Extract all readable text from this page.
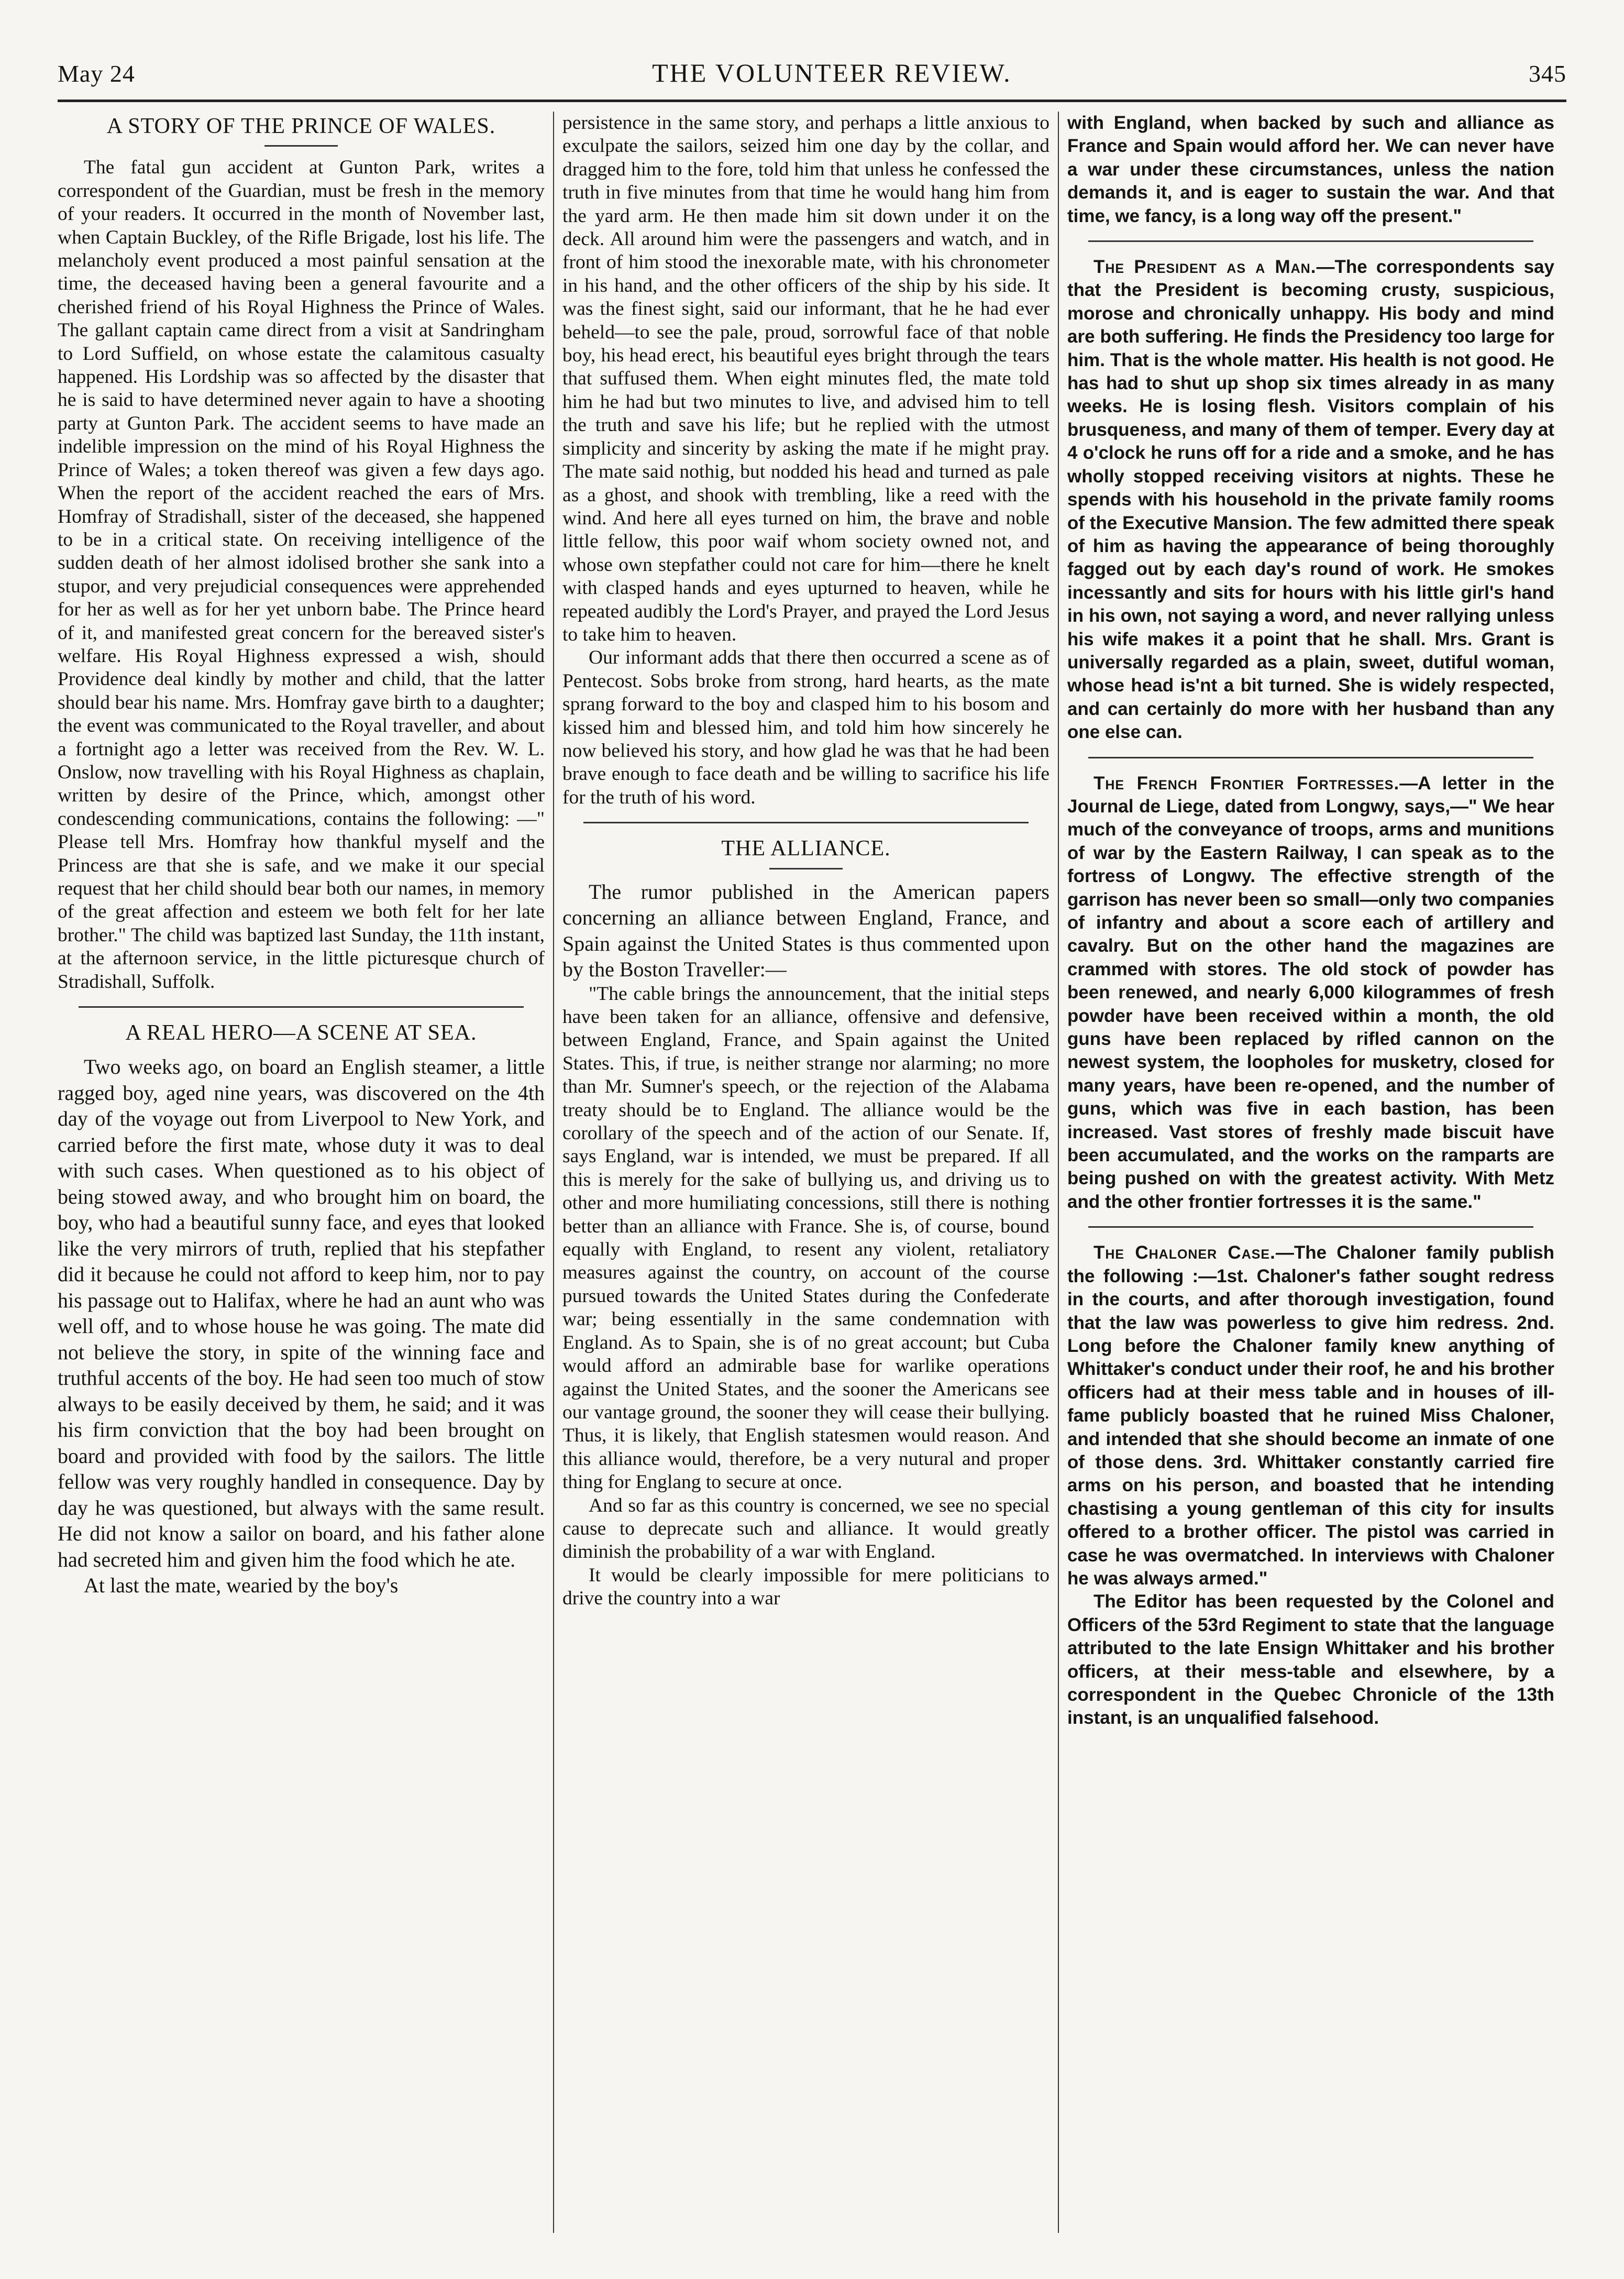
May 24	THE VOLUNTEER REVIEW.	345
A STORY OF THE PRINCE OF WALES.

The fatal gun accident at Gunton Park, writes a correspondent of the Guardian, must be fresh in the memory of your readers. It occurred in the month of November last, when Captain Buckley, of the Rifle Brigade, lost his life. The melancholy event produced a most painful sensation at the time, the deceased having been a general favourite and a cherished friend of his Royal Highness the Prince of Wales. The gallant captain came direct from a visit at Sandringham to Lord Suffield, on whose estate the calamitous casualty happened. His Lordship was so affected by the disaster that he is said to have determined never again to have a shooting party at Gunton Park. The accident seems to have made an indelible impression on the mind of his Royal Highness the Prince of Wales; a token thereof was given a few days ago. When the report of the accident reached the ears of Mrs. Homfray of Stradishall, sister of the deceased, she happened to be in a critical state. On receiving intelligence of the sudden death of her almost idolised brother she sank into a stupor, and very prejudicial consequences were apprehended for her as well as for her yet unborn babe. The Prince heard of it, and manifested great concern for the bereaved sister's welfare. His Royal Highness expressed a wish, should Providence deal kindly by mother and child, that the latter should bear his name. Mrs. Homfray gave birth to a daughter; the event was communicated to the Royal traveller, and about a fortnight ago a letter was received from the Rev. W. L. Onslow, now travelling with his Royal Highness as chaplain, written by desire of the Prince, which, amongst other condescending communications, contains the following: —" Please tell Mrs. Homfray how thankful myself and the Princess are that she is safe, and we make it our special request that her child should bear both our names, in memory of the great affection and esteem we both felt for her late brother." The child was baptized last Sunday, the 11th instant, at the afternoon service, in the little picturesque church of Stradishall, Suffolk.

A REAL HERO—A SCENE AT SEA.

Two weeks ago, on board an English steamer, a little ragged boy, aged nine years, was discovered on the 4th day of the voyage out from Liverpool to New York, and carried before the first mate, whose duty it was to deal with such cases. When questioned as to his object of being stowed away, and who brought him on board, the boy, who had a beautiful sunny face, and eyes that looked like the very mirrors of truth, replied that his stepfather did it because he could not afford to keep him, nor to pay his passage out to Halifax, where he had an aunt who was well off, and to whose house he was going. The mate did not believe the story, in spite of the winning face and truthful accents of the boy. He had seen too much of stow always to be easily deceived by them, he said; and it was his firm conviction that the boy had been brought on board and provided with food by the sailors. The little fellow was very roughly handled in consequence. Day by day he was questioned, but always with the same result. He did not know a sailor on board, and his father alone had secreted him and given him the food which he ate.

At last the mate, wearied by the boy's

persistence in the same story, and perhaps a little anxious to exculpate the sailors, seized him one day by the collar, and dragged him to the fore, told him that unless he confessed the truth in five minutes from that time he would hang him from the yard arm. He then made him sit down under it on the deck. All around him were the passengers and watch, and in front of him stood the inexorable mate, with his chronometer in his hand, and the other officers of the ship by his side. It was the finest sight, said our informant, that he he had ever beheld—to see the pale, proud, sorrowful face of that noble boy, his head erect, his beautiful eyes bright through the tears that suffused them. When eight minutes fled, the mate told him he had but two minutes to live, and advised him to tell the truth and save his life; but he replied with the utmost simplicity and sincerity by asking the mate if he might pray. The mate said nothig, but nodded his head and turned as pale as a ghost, and shook with trembling, like a reed with the wind. And here all eyes turned on him, the brave and noble little fellow, this poor waif whom society owned not, and whose own stepfather could not care for him—there he knelt with clasped hands and eyes upturned to heaven, while he repeated audibly the Lord's Prayer, and prayed the Lord Jesus to take him to heaven.

Our informant adds that there then occurred a scene as of Pentecost. Sobs broke from strong, hard hearts, as the mate sprang forward to the boy and clasped him to his bosom and kissed him and blessed him, and told him how sincerely he now believed his story, and how glad he was that he had been brave enough to face death and be willing to sacrifice his life for the truth of his word.

THE ALLIANCE.

The rumor published in the American papers concerning an alliance between England, France, and Spain against the United States is thus commented upon by the Boston Traveller:—

"The cable brings the announcement, that the initial steps have been taken for an alliance, offensive and defensive, between England, France, and Spain against the United States. This, if true, is neither strange nor alarming; no more than Mr. Sumner's speech, or the rejection of the Alabama treaty should be to England. The alliance would be the corollary of the speech and of the action of our Senate. If, says England, war is intended, we must be prepared. If all this is merely for the sake of bullying us, and driving us to other and more humiliating concessions, still there is nothing better than an alliance with France. She is, of course, bound equally with England, to resent any violent, retaliatory measures against the country, on account of the course pursued towards the United States during the Confederate war; being essentially in the same condemnation with England. As to Spain, she is of no great account; but Cuba would afford an admirable base for warlike operations against the United States, and the sooner the Americans see our vantage ground, the sooner they will cease their bullying. Thus, it is likely, that English statesmen would reason. And this alliance would, therefore, be a very nutural and proper thing for Englang to secure at once.

And so far as this country is concerned, we see no special cause to deprecate such and alliance. It would greatly diminish the probability of a war with England.

It would be clearly impossible for mere politicians to drive the country into a war

with England, when backed by such and alliance as France and Spain would afford her. We can never have a war under these circumstances, unless the nation demands it, and is eager to sustain the war. And that time, we fancy, is a long way off the present."

The President as a Man.—The correspondents say that the President is becoming crusty, suspicious, morose and chronically unhappy. His body and mind are both suffering. He finds the Presidency too large for him. That is the whole matter. His health is not good. He has had to shut up shop six times already in as many weeks. He is losing flesh. Visitors complain of his brusqueness, and many of them of temper. Every day at 4 o'clock he runs off for a ride and a smoke, and he has wholly stopped receiving visitors at nights. These he spends with his household in the private family rooms of the Executive Mansion. The few admitted there speak of him as having the appearance of being thoroughly fagged out by each day's round of work. He smokes incessantly and sits for hours with his little girl's hand in his own, not saying a word, and never rallying unless his wife makes it a point that he shall. Mrs. Grant is universally regarded as a plain, sweet, dutiful woman, whose head is'nt a bit turned. She is widely respected, and can certainly do more with her husband than any one else can.

The French Frontier Fortresses.—A letter in the Journal de Liege, dated from Longwy, says,—" We hear much of the conveyance of troops, arms and munitions of war by the Eastern Railway, I can speak as to the fortress of Longwy. The effective strength of the garrison has never been so small—only two companies of infantry and about a score each of artillery and cavalry. But on the other hand the magazines are crammed with stores. The old stock of powder has been renewed, and nearly 6,000 kilogrammes of fresh powder have been received within a month, the old guns have been replaced by rifled cannon on the newest system, the loopholes for musketry, closed for many years, have been re-opened, and the number of guns, which was five in each bastion, has been increased. Vast stores of freshly made biscuit have been accumulated, and the works on the ramparts are being pushed on with the greatest activity. With Metz and the other frontier fortresses it is the same."

The Chaloner Case.—The Chaloner family publish the following :—1st. Chaloner's father sought redress in the courts, and after thorough investigation, found that the law was powerless to give him redress. 2nd. Long before the Chaloner family knew anything of Whittaker's conduct under their roof, he and his brother officers had at their mess table and in houses of ill-fame publicly boasted that he ruined Miss Chaloner, and intended that she should become an inmate of one of those dens. 3rd. Whittaker constantly carried fire arms on his person, and boasted that he intending chastising a young gentleman of this city for insults offered to a brother officer. The pistol was carried in case he was overmatched. In interviews with Chaloner he was always armed."

The Editor has been requested by the Colonel and Officers of the 53rd Regiment to state that the language attributed to the late Ensign Whittaker and his brother officers, at their mess-table and elsewhere, by a correspondent in the Quebec Chronicle of the 13th instant, is an unqualified falsehood.
